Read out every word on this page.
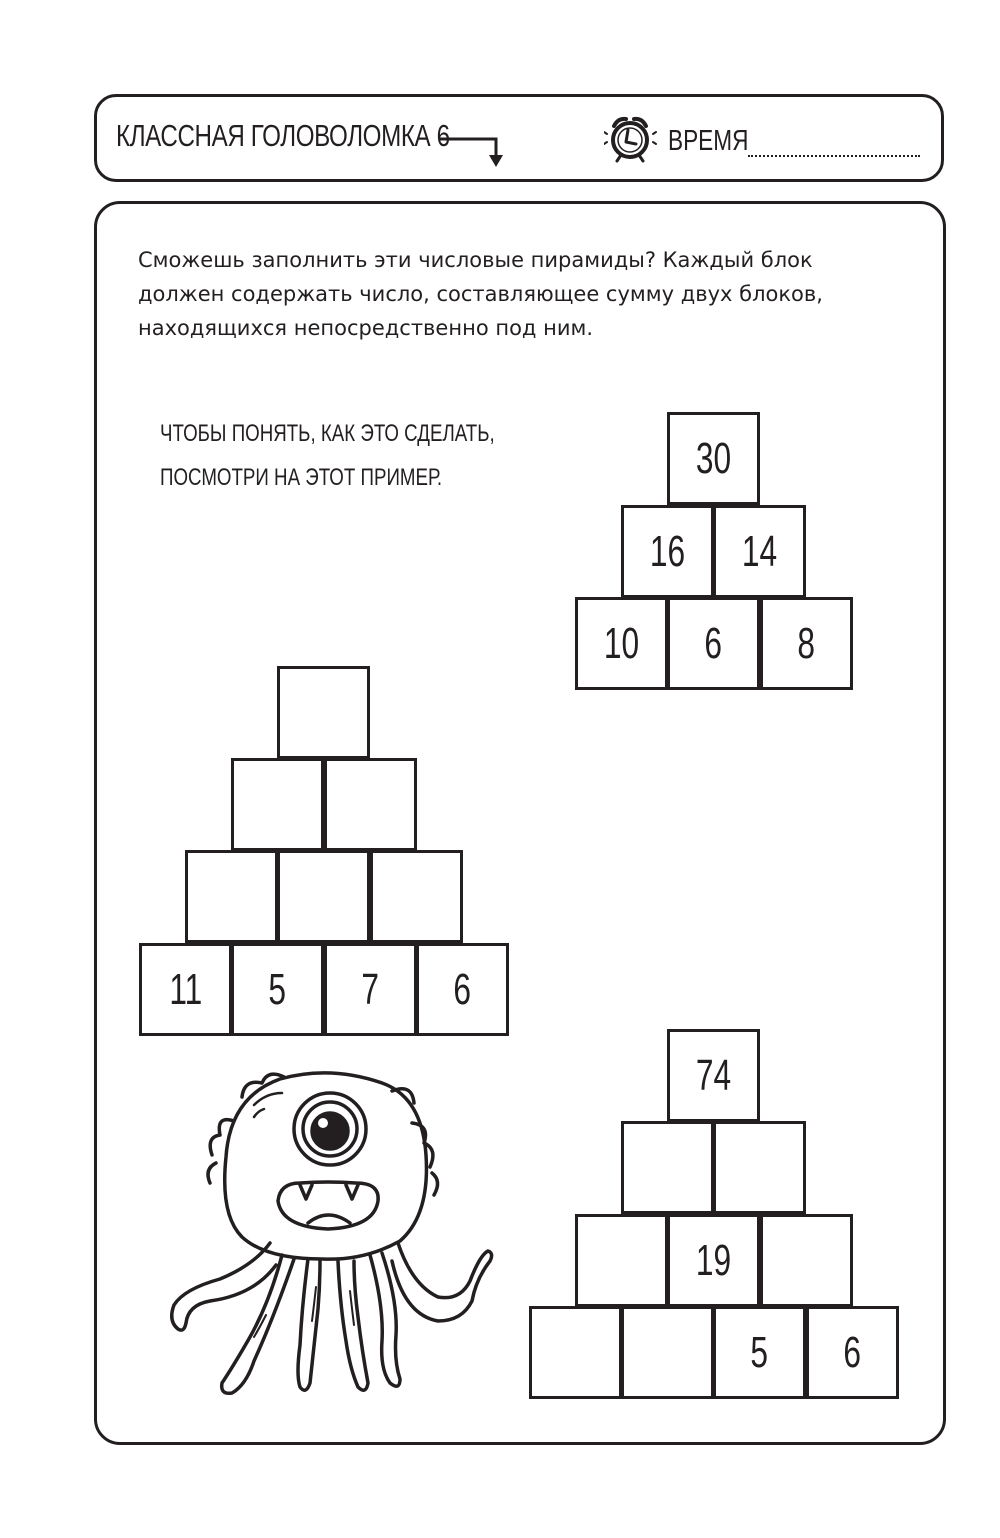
КЛАССНАЯ ГОЛОВОЛОМКА 6	ВРЕМЯ
Сможешь заполнить эти числовые пирамиды? Каждый блок
должен содержать число, составляющее сумму двух блоков,
находящихся непосредственно под ним.
ЧТОБЫ ПОНЯТЬ, КАК ЭТО СДЕЛАТЬ,
ПОСМОТРИ НА ЭТОТ ПРИМЕР.	30
16 14
10 6 8
11 5 7 6
74
19
5 6
